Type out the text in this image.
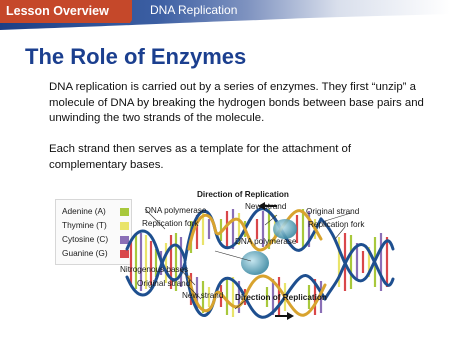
Lesson Overview	DNA Replication
The Role of Enzymes
DNA replication is carried out by a series of enzymes. They first “unzip” a molecule of DNA by breaking the hydrogen bonds between base pairs and unwinding the two strands of the molecule.
Each strand then serves as a template for the attachment of complementary bases.
Adenine (A)
Thymine (T)
Cytosine (C)
Guanine (G)
Direction of Replication
DNA polymerase	New strand
Original strand
Replication fork	Replication fork
DNA polymerase
Nitrogenous bases
Original strand
New strand Direction of Replication
